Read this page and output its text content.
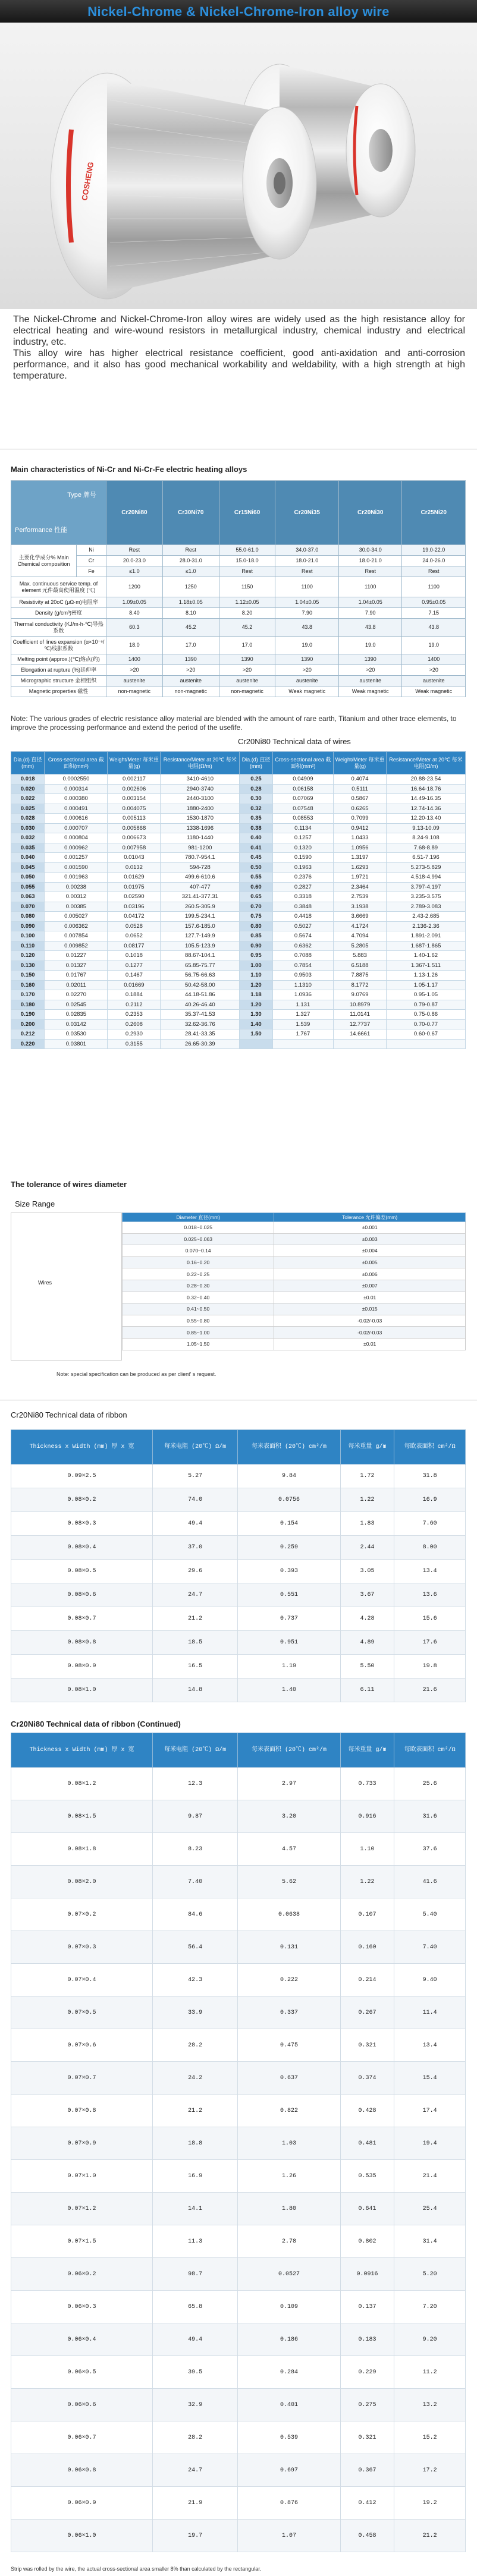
Nickel-Chrome & Nickel-Chrome-Iron alloy wire
COSHENG

The Nickel-Chrome and Nickel-Chrome-Iron alloy wires are widely used as the high resistance alloy for electrical heating and wire-wound resistors in metallurgical industry, chemical industry and electrical industry, etc.

This alloy wire has higher electrical resistance coefficient, good anti-axidation and anti-corrosion performance, and it also has good mechanical workability and weldability, with a high strength at high temperature.

Main characteristics of Ni-Cr and Ni-Cr-Fe electric heating alloys
Type 牌号
Performance 性能		Cr20Ni80	Cr30Ni70	Cr15Ni60	Cr20Ni35	Cr20Ni30	Cr25Ni20
主要化学成分% Main Chemical composition	Ni	Rest	Rest	55.0-61.0	34.0-37.0	30.0-34.0	19.0-22.0
	Cr	20.0-23.0	28.0-31.0	15.0-18.0	18.0-21.0	18.0-21.0	24.0-26.0
	Fe	≤1.0	≤1.0	Rest	Rest	Rest	Rest
Max. continuous service temp. of element 元件最高使用温度 (℃)		1200	1250	1150	1100	1100	1100
Resistivity at 20oC (μΩ·m)电阻率		1.09±0.05	1.18±0.05	1.12±0.05	1.04±0.05	1.04±0.05	0.95±0.05
Density (g/cm³)密度		8.40	8.10	8.20	7.90	7.90	7.15
Thermal conductivity (KJ/m·h·℃)导热系数		60.3	45.2	45.2	43.8	43.8	43.8
Coefficient of lines expansion (α×10⁻⁶/℃)线胀系数		18.0	17.0	17.0	19.0	19.0	19.0
Melting point (approx.)(℃)熔点(约)		1400	1390	1390	1390	1390	1400
Elongation at rupture (%)延伸率		>20	>20	>20	>20	>20	>20
Micrographic structure 金相组织		austenite	austenite	austenite	austenite	austenite	austenite
Magnetic properties 磁性		non-magnetic	non-magnetic	non-magnetic	Weak magnetic	Weak magnetic	Weak magnetic
Note: The various grades of electric resistance alloy material are blended with the amount of rare earth, Titanium and other trace elements, to improve the processing performance and extend the period of the usefife.
Cr20Ni80 Technical data of wires
Dia.(d) 直径(mm)	Cross-sectional area 截面积(mm²)	Weight/Meter 每米重量(g)	Resistance/Meter at 20℃ 每米电阻(Ω/m)	Dia.(d) 直径(mm)	Cross-sectional area 截面积(mm²)	Weight/Meter 每米重量(g)	Resistance/Meter at 20℃ 每米电阻(Ω/m)
0.018	0.0002550	0.002117	3410-4610	0.25	0.04909	0.4074	20.88-23.54
0.020	0.000314	0.002606	2940-3740	0.28	0.06158	0.5111	16.64-18.76
0.022	0.000380	0.003154	2440-3100	0.30	0.07069	0.5867	14.49-16.35
0.025	0.000491	0.004075	1880-2400	0.32	0.07548	0.6265	12.74-14.36
0.028	0.000616	0.005113	1530-1870	0.35	0.08553	0.7099	12.20-13.40
0.030	0.000707	0.005868	1338-1696	0.38	0.1134	0.9412	9.13-10.09
0.032	0.000804	0.006673	1180-1440	0.40	0.1257	1.0433	8.24-9.108
0.035	0.000962	0.007958	981-1200	0.41	0.1320	1.0956	7.68-8.89
0.040	0.001257	0.01043	780.7-954.1	0.45	0.1590	1.3197	6.51-7.196
0.045	0.001590	0.0132	594-728	0.50	0.1963	1.6293	5.273-5.829
0.050	0.001963	0.01629	499.6-610.6	0.55	0.2376	1.9721	4.518-4.994
0.055	0.00238	0.01975	407-477	0.60	0.2827	2.3464	3.797-4.197
0.063	0.00312	0.02590	321.41-377.31	0.65	0.3318	2.7539	3.235-3.575
0.070	0.00385	0.03196	260.5-305.9	0.70	0.3848	3.1938	2.789-3.083
0.080	0.005027	0.04172	199.5-234.1	0.75	0.4418	3.6669	2.43-2.685
0.090	0.006362	0.0528	157.6-185.0	0.80	0.5027	4.1724	2.136-2.36
0.100	0.007854	0.0652	127.7-149.9	0.85	0.5674	4.7094	1.891-2.091
0.110	0.009852	0.08177	105.5-123.9	0.90	0.6362	5.2805	1.687-1.865
0.120	0.01227	0.1018	88.67-104.1	0.95	0.7088	5.883	1.40-1.62
0.130	0.01327	0.1277	65.85-75.77	1.00	0.7854	6.5188	1.367-1.511
0.150	0.01767	0.1467	56.75-66.63	1.10	0.9503	7.8875	1.13-1.26
0.160	0.02011	0.01669	50.42-58.00	1.20	1.1310	8.1772	1.05-1.17
0.170	0.02270	0.1884	44.18-51.86	1.18	1.0936	9.0769	0.95-1.05
0.180	0.02545	0.2112	40.26-46.40	1.20	1.131	10.8979	0.79-0.87
0.190	0.02835	0.2353	35.37-41.53	1.30	1.327	11.0141	0.75-0.86
0.200	0.03142	0.2608	32.62-36.76	1.40	1.539	12.7737	0.70-0.77
0.212	0.03530	0.2930	28.41-33.35	1.50	1.767	14.6661	0.60-0.67
0.220	0.03801	0.3155	26.65-30.39				
The tolerance of wires diameter
Size Range
Wires
Diameter 直径(mm)	Tolerance 允许偏差(mm)
0.018~0.025	±0.001
0.025~0.063	±0.003
0.070~0.14	±0.004
0.16~0.20	±0.005
0.22~0.25	±0.006
0.28~0.30	±0.007
0.32~0.40	±0.01
0.41~0.50	±0.015
0.55~0.80	-0.02/-0.03
0.85~1.00	-0.02/-0.03
1.05~1.50	±0.01
Note: special specification can be produced as per client' s request.
Cr20Ni80 Technical data of ribbon
Thickness x Width (mm) 厚 x 宽	每米电阻 (20℃) Ω/m	每米表面积 (20℃) cm²/m	每米重量 g/m	每欧表面积 cm²/Ω
0.09×2.5	5.27	9.84	1.72	31.8
0.08×0.2	74.0	0.0756	1.22	16.9
0.08×0.3	49.4	0.154	1.83	7.60
0.08×0.4	37.0	0.259	2.44	8.00
0.08×0.5	29.6	0.393	3.05	13.4
0.08×0.6	24.7	0.551	3.67	13.6
0.08×0.7	21.2	0.737	4.28	15.6
0.08×0.8	18.5	0.951	4.89	17.6
0.08×0.9	16.5	1.19	5.50	19.8
0.08×1.0	14.8	1.40	6.11	21.6
Cr20Ni80 Technical data of ribbon (Continued)
Thickness x Width (mm) 厚 x 宽	每米电阻 (20℃) Ω/m	每米表面积 (20℃) cm²/m	每米重量 g/m	每欧表面积 cm²/Ω
0.08×1.2	12.3	2.97	0.733	25.6
0.08×1.5	9.87	3.20	0.916	31.6
0.08×1.8	8.23	4.57	1.10	37.6
0.08×2.0	7.40	5.62	1.22	41.6
0.07×0.2	84.6	0.0638	0.107	5.40
0.07×0.3	56.4	0.131	0.160	7.40
0.07×0.4	42.3	0.222	0.214	9.40
0.07×0.5	33.9	0.337	0.267	11.4
0.07×0.6	28.2	0.475	0.321	13.4
0.07×0.7	24.2	0.637	0.374	15.4
0.07×0.8	21.2	0.822	0.428	17.4
0.07×0.9	18.8	1.03	0.481	19.4
0.07×1.0	16.9	1.26	0.535	21.4
0.07×1.2	14.1	1.80	0.641	25.4
0.07×1.5	11.3	2.78	0.802	31.4
0.06×0.2	98.7	0.0527	0.0916	5.20
0.06×0.3	65.8	0.109	0.137	7.20
0.06×0.4	49.4	0.186	0.183	9.20
0.06×0.5	39.5	0.284	0.229	11.2
0.06×0.6	32.9	0.401	0.275	13.2
0.06×0.7	28.2	0.539	0.321	15.2
0.06×0.8	24.7	0.697	0.367	17.2
0.06×0.9	21.9	0.876	0.412	19.2
0.06×1.0	19.7	1.07	0.458	21.2
Strip was rolled by the wire, the actual cross-sectional area smaller 8% than calculated by the rectangular.
